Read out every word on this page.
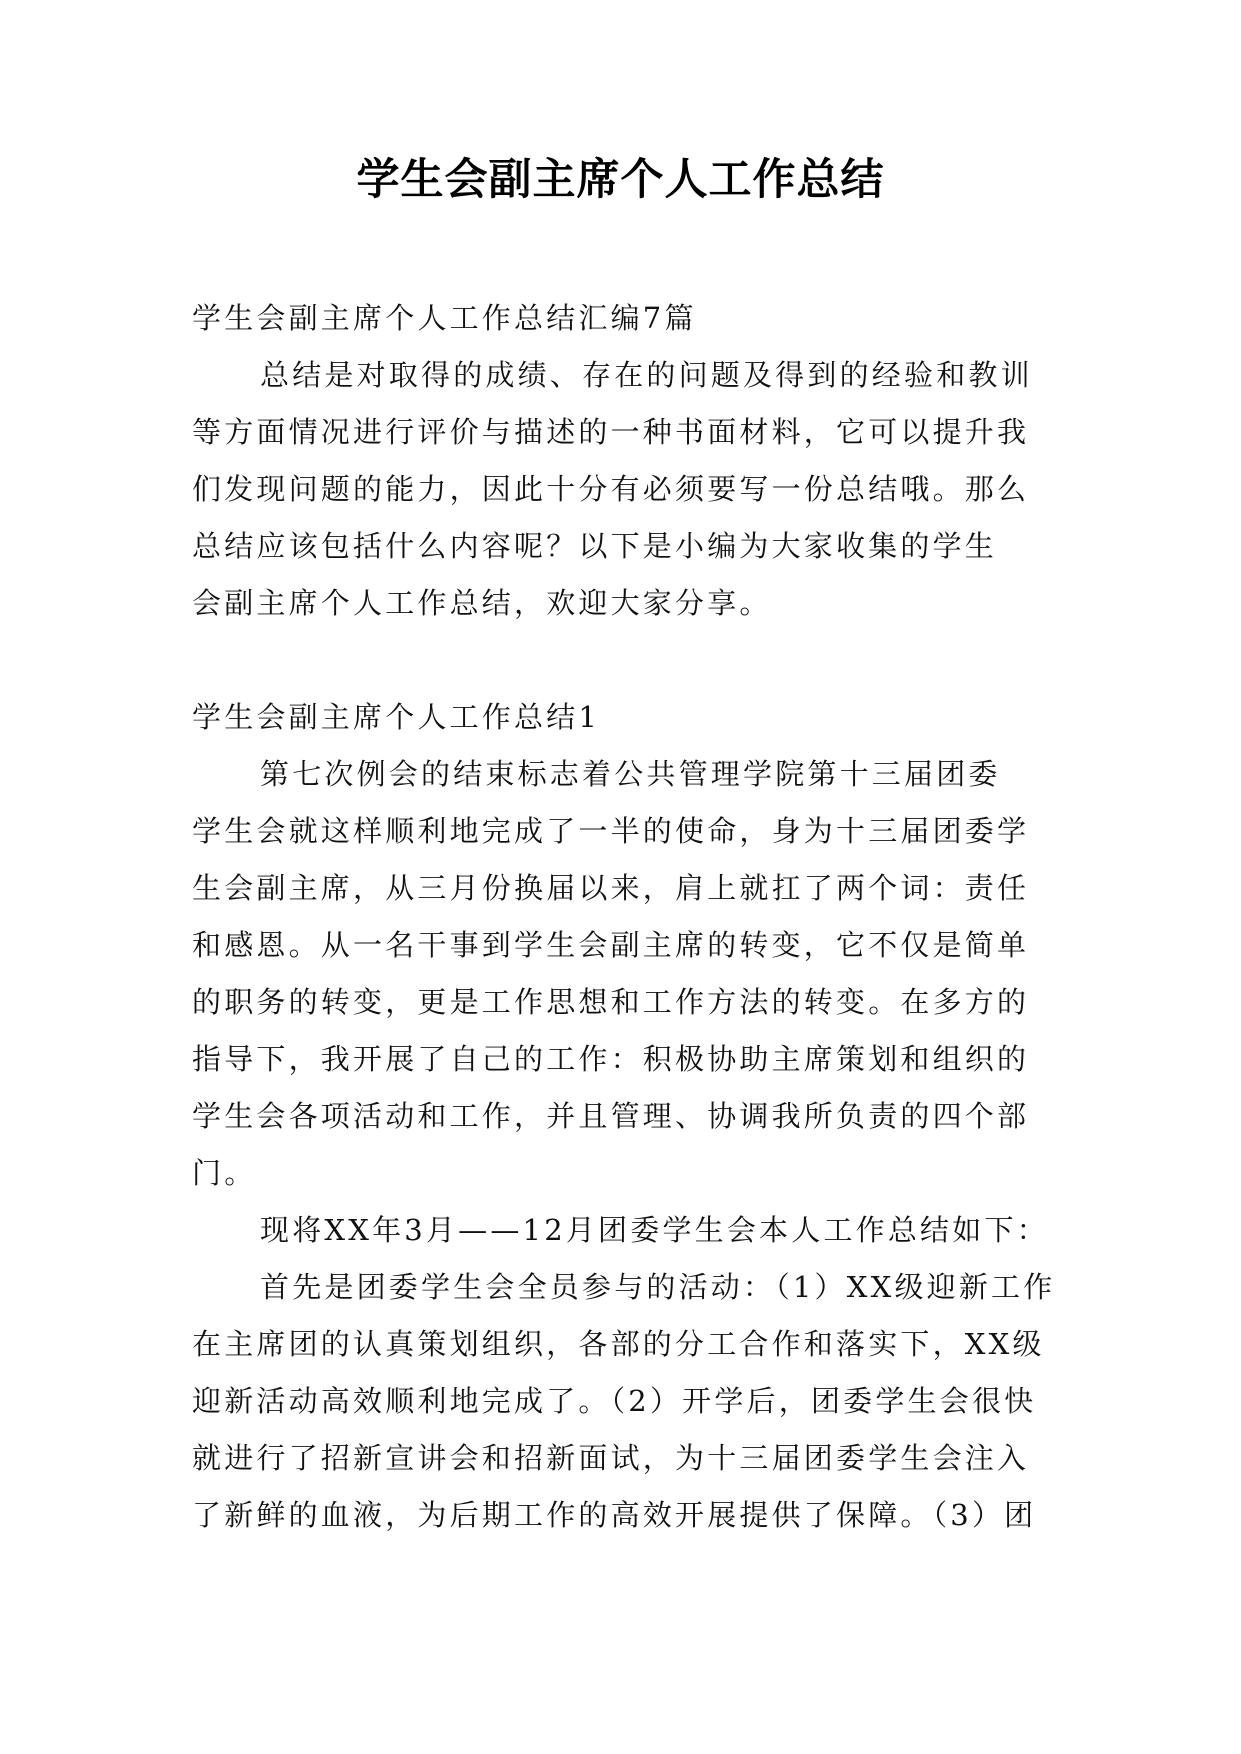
学生会副主席个人工作总结

学生会副主席个人工作总结汇编7篇

总结是对取得的成绩、存在的问题及得到的经验和教训

等方面情况进行评价与描述的一种书面材料，它可以提升我

们发现问题的能力，因此十分有必须要写一份总结哦。那么

总结应该包括什么内容呢？以下是小编为大家收集的学生

会副主席个人工作总结，欢迎大家分享。

学生会副主席个人工作总结1

第七次例会的结束标志着公共管理学院第十三届团委

学生会就这样顺利地完成了一半的使命，身为十三届团委学

生会副主席，从三月份换届以来，肩上就扛了两个词：责任

和感恩。从一名干事到学生会副主席的转变，它不仅是简单

的职务的转变，更是工作思想和工作方法的转变。在多方的

指导下，我开展了自己的工作：积极协助主席策划和组织的

学生会各项活动和工作，并且管理、协调我所负责的四个部

门。

现将XX年3月——12月团委学生会本人工作总结如下：

首先是团委学生会全员参与的活动：（1）XX级迎新工作

在主席团的认真策划组织，各部的分工合作和落实下，XX级

迎新活动高效顺利地完成了。（2）开学后，团委学生会很快

就进行了招新宣讲会和招新面试，为十三届团委学生会注入

了新鲜的血液，为后期工作的高效开展提供了保障。（3）团
